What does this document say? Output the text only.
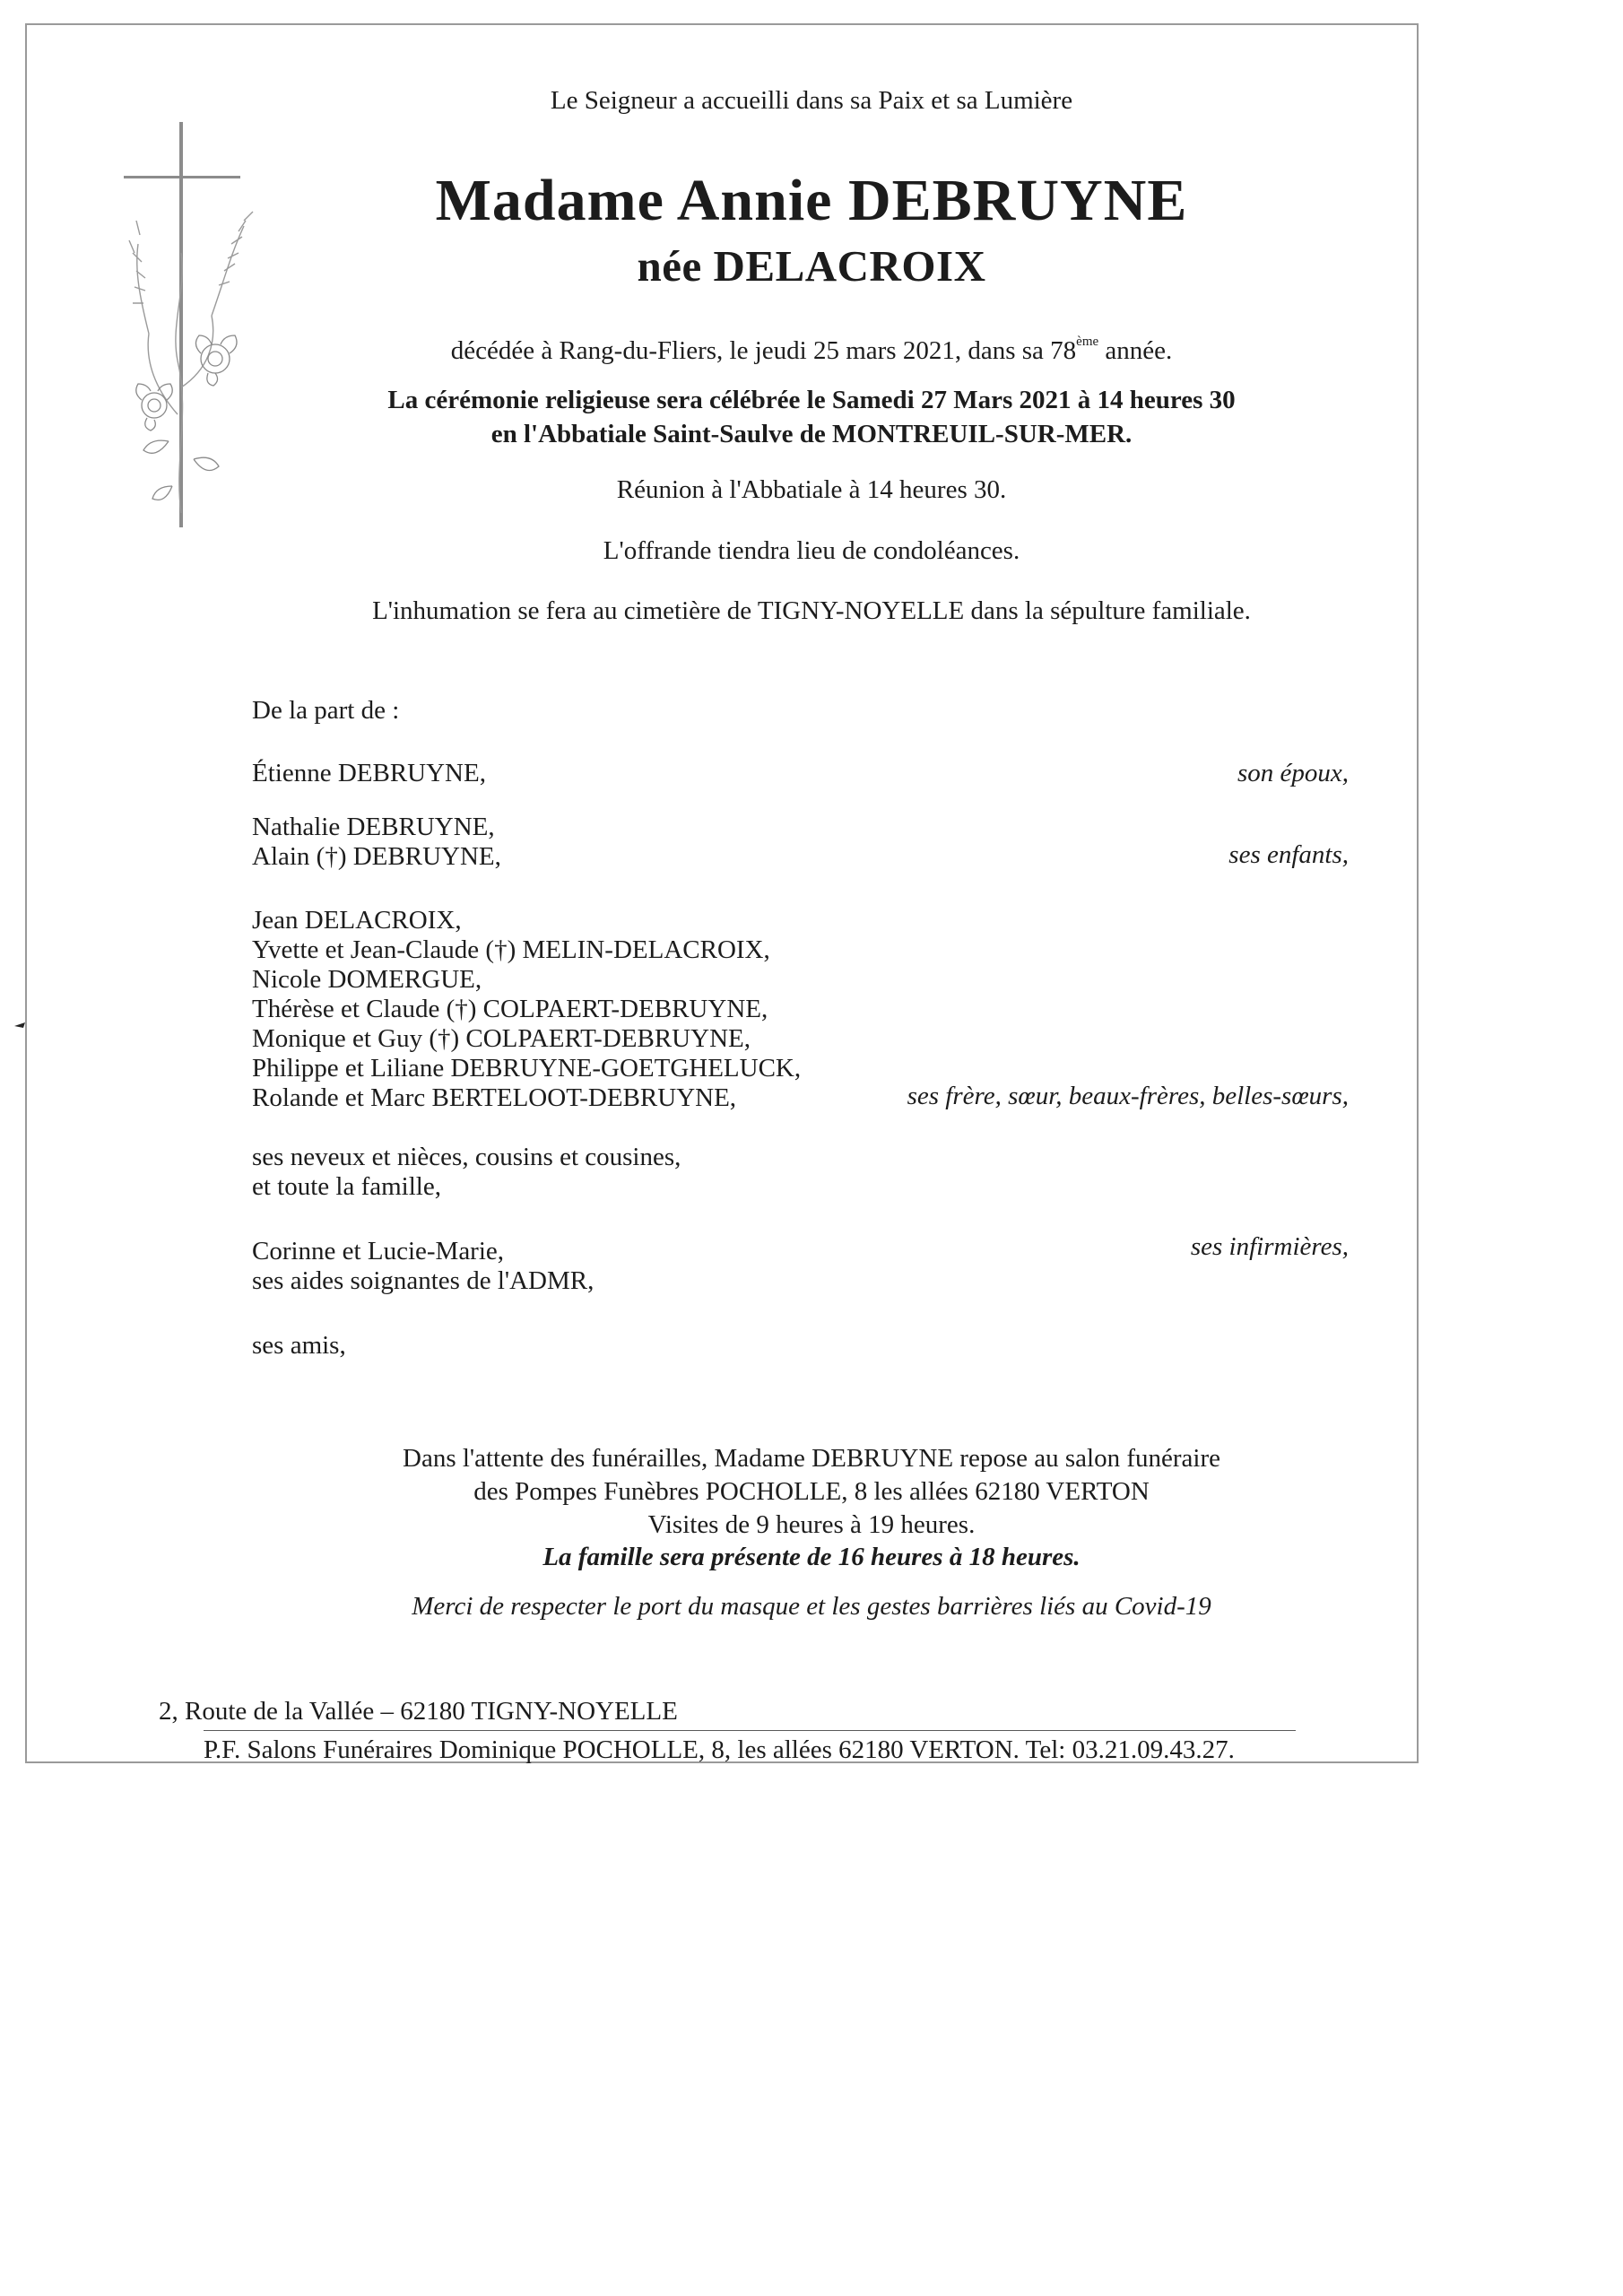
Le Seigneur a accueilli dans sa Paix et sa Lumière
Madame Annie DEBRUYNE
née DELACROIX
décédée à Rang-du-Fliers, le jeudi 25 mars 2021, dans sa 78ème année.
La cérémonie religieuse sera célébrée le Samedi 27 Mars 2021 à 14 heures 30
en l'Abbatiale Saint-Saulve de MONTREUIL-SUR-MER.
Réunion à l'Abbatiale à 14 heures 30.
L'offrande tiendra lieu de condoléances.
L'inhumation se fera au cimetière de TIGNY-NOYELLE dans la sépulture familiale.
De la part de :
Étienne DEBRUYNE,	son époux,
Nathalie DEBRUYNE,
Alain (†) DEBRUYNE,	ses enfants,
Jean DELACROIX,
Yvette et Jean-Claude (†) MELIN-DELACROIX,
Nicole DOMERGUE,
Thérèse et Claude (†) COLPAERT-DEBRUYNE,
Monique et Guy (†) COLPAERT-DEBRUYNE,
Philippe et Liliane DEBRUYNE-GOETGHELUCK,
Rolande et Marc BERTELOOT-DEBRUYNE,	ses frère, sœur, beaux-frères, belles-sœurs,
ses neveux et nièces, cousins et cousines,
et toute la famille,
Corinne et Lucie-Marie,
ses aides soignantes de l'ADMR,
ses infirmières,
ses amis,
Dans l'attente des funérailles, Madame DEBRUYNE repose au salon funéraire
des Pompes Funèbres POCHOLLE, 8 les allées 62180 VERTON
Visites de 9 heures à 19 heures.
La famille sera présente de 16 heures à 18 heures.
Merci de respecter le port du masque et les gestes barrières liés au Covid-19
2, Route de la Vallée – 62180 TIGNY-NOYELLE
P.F. Salons Funéraires Dominique POCHOLLE, 8, les allées 62180 VERTON. Tel: 03.21.09.43.27.
